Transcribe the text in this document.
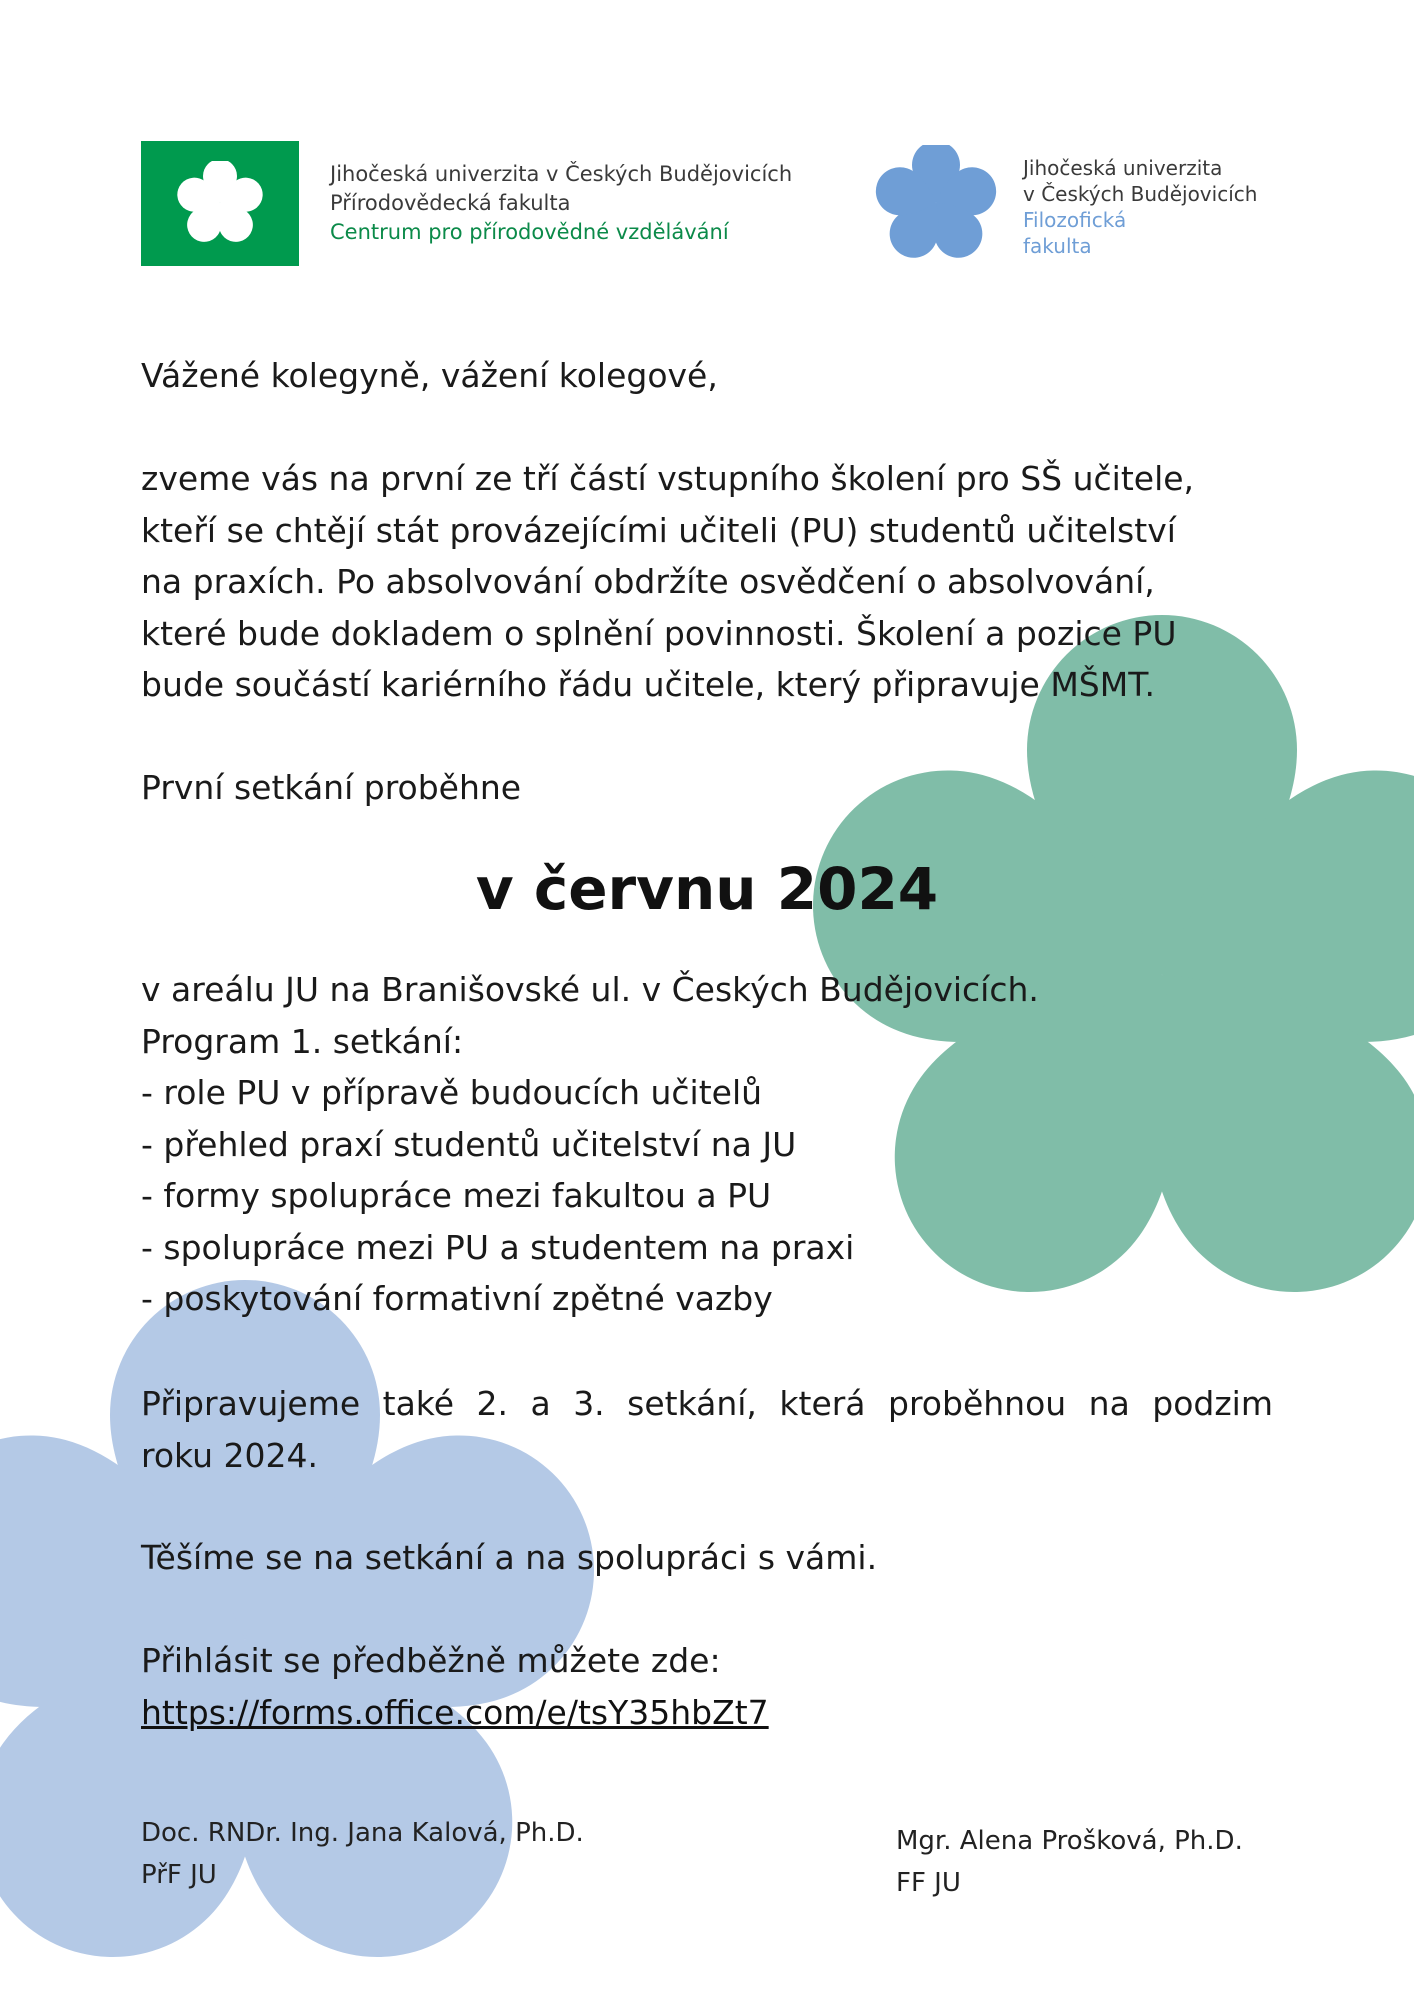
Jihočeská univerzita v Českých Budějovicích
Přírodovědecká fakulta
Centrum pro přírodovědné vzdělávání
Jihočeská univerzita
v Českých Budějovicích
Filozofická
fakulta

Vážené kolegyně, vážení kolegové,

zveme vás na první ze tří částí vstupního školení pro SŠ učitele,
kteří se chtějí stát provázejícími učiteli (PU) studentů učitelství
na praxích. Po absolvování obdržíte osvědčení o absolvování,
které bude dokladem o splnění povinnosti. Školení a pozice PU
bude součástí kariérního řádu učitele, který připravuje MŠMT.

První setkání proběhne

v červnu 2024

v areálu JU na Branišovské ul. v Českých Budějovicích.
Program 1. setkání:
- role PU v přípravě budoucích učitelů
- přehled praxí studentů učitelství na JU
- formy spolupráce mezi fakultou a PU
- spolupráce mezi PU a studentem na praxi
- poskytování formativní zpětné vazby
Připravujeme také 2. a 3. setkání, která proběhnou na podzim
roku 2024.

Těšíme se na setkání a na spolupráci s vámi.

Přihlásit se předběžně můžete zde:
https://forms.office.com/e/tsY35hbZt7
Doc. RNDr. Ing. Jana Kalová, Ph.D.
PřF JU
Mgr. Alena Prošková, Ph.D.
FF JU
